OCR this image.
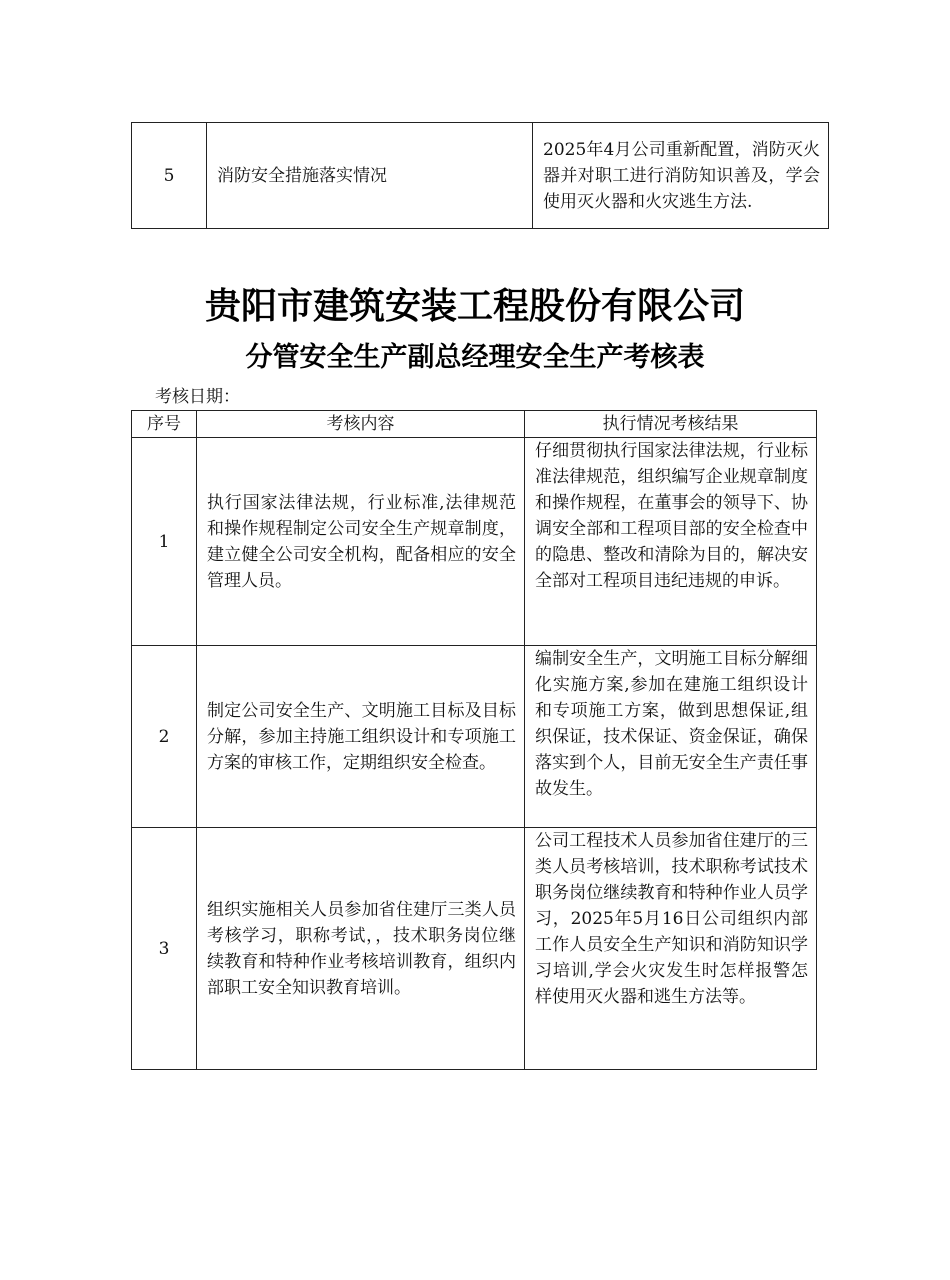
5	消防安全措施落实情况	2025年4月公司重新配置，消防灭火器并对职工进行消防知识善及，学会使用灭火器和火灾逃生方法.
贵阳市建筑安装工程股份有限公司
分管安全生产副总经理安全生产考核表
考核日期：
序号	考核内容	执行情况考核结果
1	执行国家法律法规，行业标准,法律规范和操作规程制定公司安全生产规章制度，建立健全公司安全机构，配备相应的安全管理人员。	仔细贯彻执行国家法律法规，行业标准法律规范，组织编写企业规章制度和操作规程，在董事会的领导下、协调安全部和工程项目部的安全检查中的隐患、整改和清除为目的，解决安全部对工程项目违纪违规的申诉。
2	制定公司安全生产、文明施工目标及目标分解，参加主持施工组织设计和专项施工方案的审核工作，定期组织安全检查。	编制安全生产，文明施工目标分解细化实施方案,参加在建施工组织设计和专项施工方案，做到思想保证,组织保证，技术保证、资金保证，确保落实到个人，目前无安全生产责任事故发生。
3	组织实施相关人员参加省住建厅三类人员考核学习，职称考试，，技术职务岗位继续教育和特种作业考核培训教育，组织内部职工安全知识教育培训。	公司工程技术人员参加省住建厅的三类人员考核培训，技术职称考试技术职务岗位继续教育和特种作业人员学习，2025年5月16日公司组织内部工作人员安全生产知识和消防知识学习培训,学会火灾发生时怎样报警怎样使用灭火器和逃生方法等。
